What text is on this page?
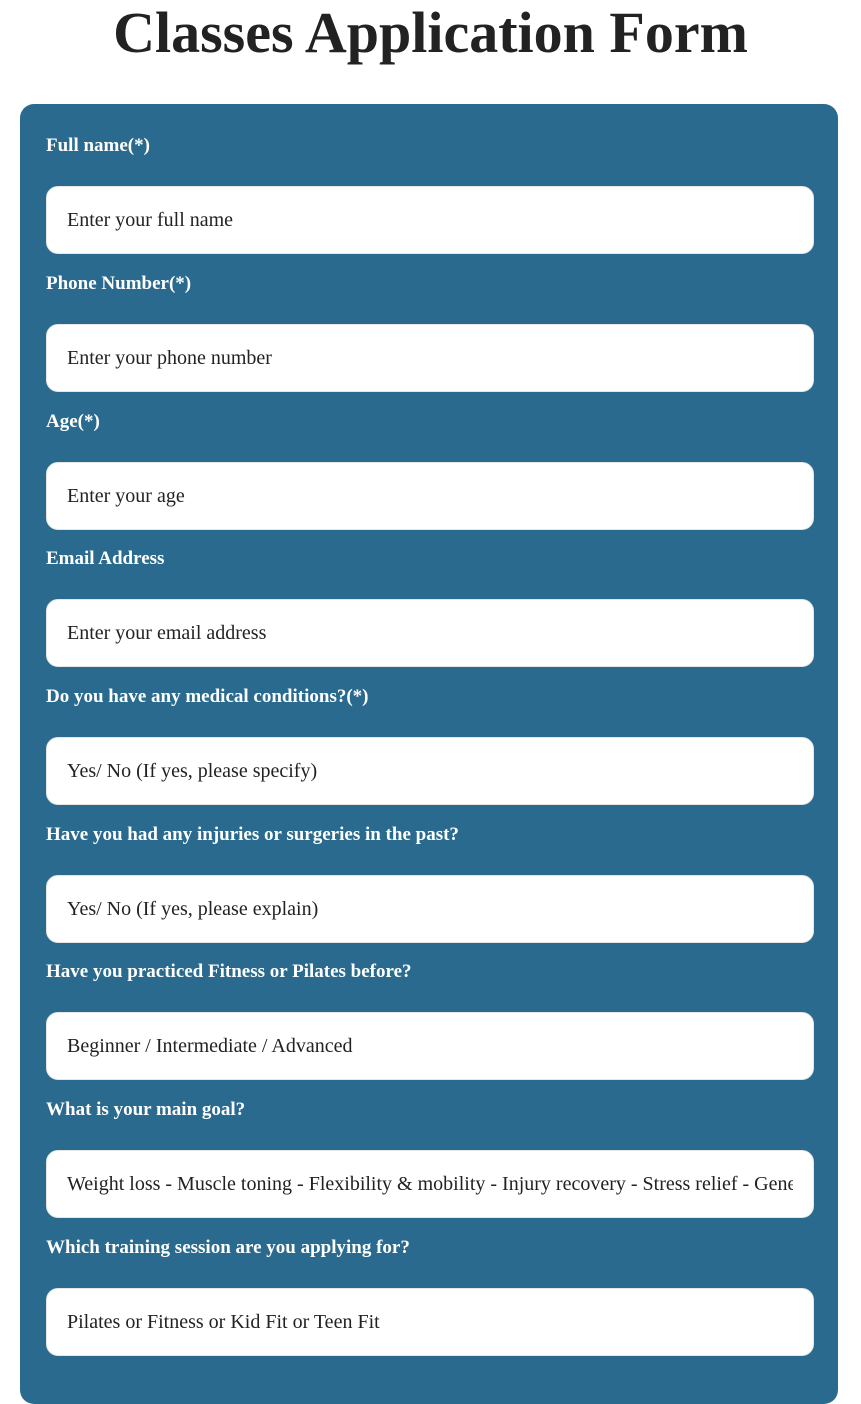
Classes Application Form
Full name(*)
Enter your full name
Phone Number(*)
Enter your phone number
Age(*)
Enter your age
Email Address
Enter your email address
Do you have any medical conditions?(*)
Yes/ No (If yes, please specify)
Have you had any injuries or surgeries in the past?
Yes/ No (If yes, please explain)
Have you practiced Fitness or Pilates before?
Beginner / Intermediate / Advanced
What is your main goal?
Weight loss - Muscle toning - Flexibility & mobility - Injury recovery - Stress relief - General fitness
Which training session are you applying for?
Pilates or Fitness or Kid Fit or Teen Fit
